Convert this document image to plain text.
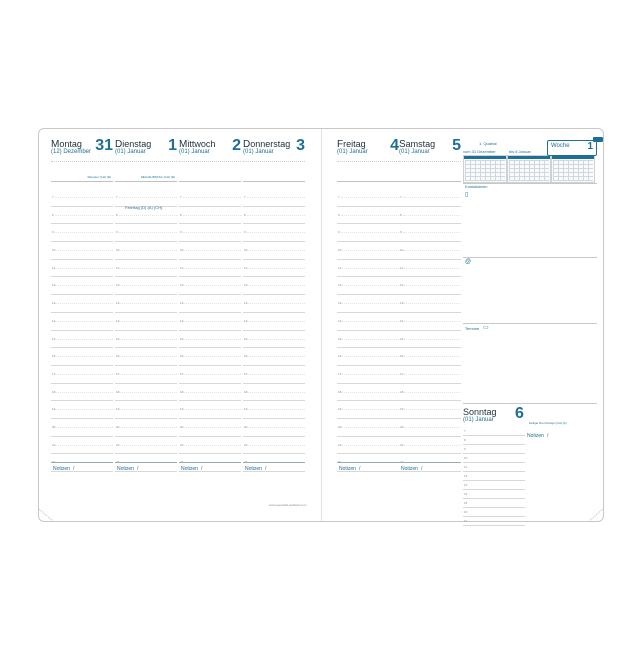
Montag
(12) Dezember 31
Silvester (CH) (D)
7
8
9
10
11
12
13
14
15
16
17
18
19
20
21
22
Notizen /
Dienstag
(01) Januar 1
NEUJAHRSTAG (CH) (D)
7
8
9
10
11
12
13
14
15
16
17
18
19
20
21
22
Feiertag (D) (A) (CH)
Notizen /
Mittwoch
(01) Januar 2
7
8
9
10
11
12
13
14
15
16
17
18
19
20
21
22
Notizen /
Donnerstag
(01) Januar 3
7
8
9
10
11
12
13
14
15
16
17
18
19
20
21
22
Notizen /
www.quovadis-weltweit.com
Freitag
(01) Januar 4
7
8
9
10
11
12
13
14
15
16
17
18
19
20
21
22
Notizen /
Samstag
(01) Januar 5
7
8
9
10
11
12
13
14
15
16
17
18
19
20
21
22
Notizen /
1. Quartal
vom 31 Dezember	bis 6 Januar
Woche 1
Kontaktieren
▯
@
Termine ▭
Sonntag
(01) Januar 6
Heilige Drei Könige (CH) (A)
Notizen /
7
8
9
10
11
12
13
14
15
16
17
